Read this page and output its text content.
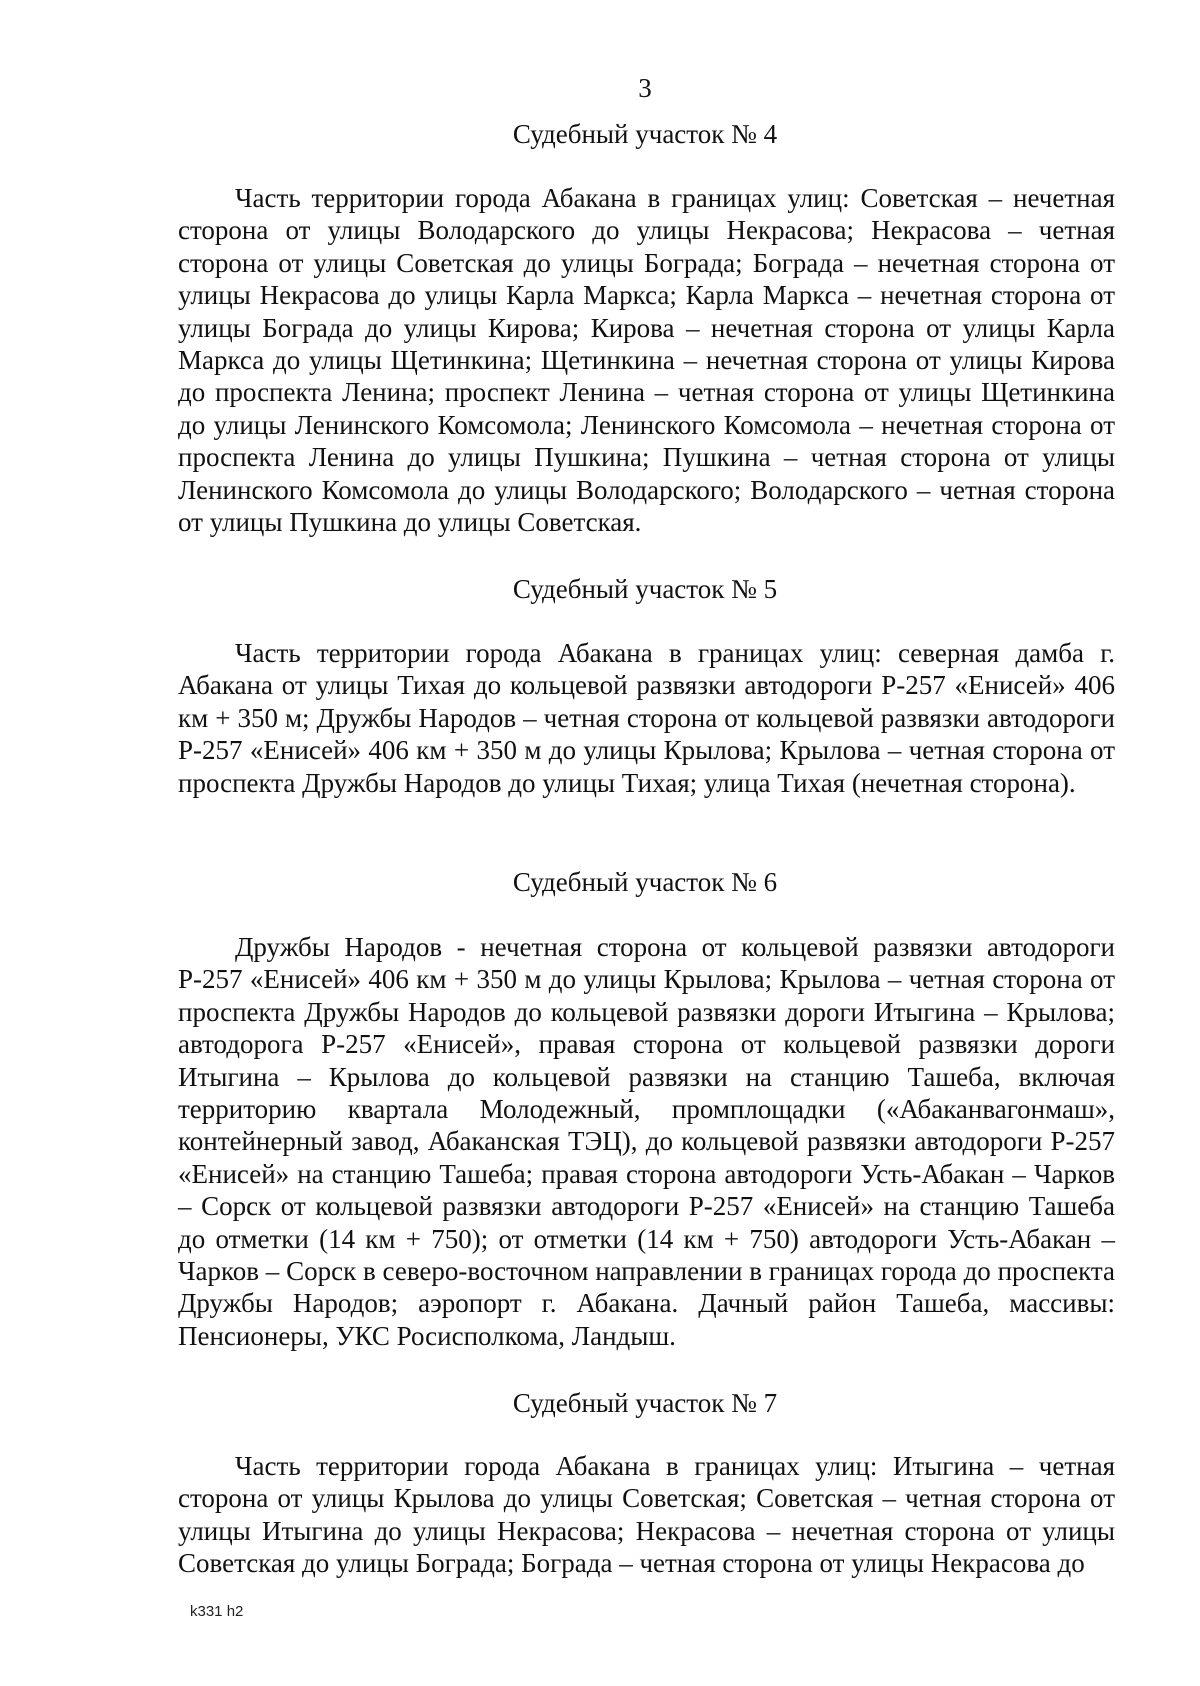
3
Судебный участок № 4

Часть территории города Абакана в границах улиц: Советская – нечетная сторона от улицы Володарского до улицы Некрасова; Некрасова – четная сторона от улицы Советская до улицы Бограда; Бограда – нечетная сторона от улицы Некрасова до улицы Карла Маркса; Карла Маркса – нечетная сторона от улицы Бограда до улицы Кирова; Кирова – нечетная сторона от улицы Карла Маркса до улицы Щетинкина; Щетинкина – нечетная сторона от улицы Кирова до проспекта Ленина; проспект Ленина – четная сторона от улицы Щетинкина до улицы Ленинского Комсомола; Ленинского Комсомола – нечетная сторона от проспекта Ленина до улицы Пушкина; Пушкина – четная сторона от улицы Ленинского Комсомола до улицы Володарского; Володарского – четная сторона от улицы Пушкина до улицы Советская.

Судебный участок № 5

Часть территории города Абакана в границах улиц: северная дамба г. Абакана от улицы Тихая до кольцевой развязки автодороги Р-257 «Енисей» 406 км + 350 м; Дружбы Народов – четная сторона от кольцевой развязки автодороги Р-257 «Енисей» 406 км + 350 м до улицы Крылова; Крылова – четная сторона от проспекта Дружбы Народов до улицы Тихая; улица Тихая (нечетная сторона).

Судебный участок № 6

Дружбы Народов - нечетная сторона от кольцевой развязки автодороги Р-257 «Енисей» 406 км + 350 м до улицы Крылова; Крылова – четная сторона от проспекта Дружбы Народов до кольцевой развязки дороги Итыгина – Крылова; автодорога Р-257 «Енисей», правая сторона от кольцевой развязки дороги Итыгина – Крылова до кольцевой развязки на станцию Ташеба, включая территорию квартала Молодежный, промплощадки («Абаканвагонмаш», контейнерный завод, Абаканская ТЭЦ), до кольцевой развязки автодороги Р-257 «Енисей» на станцию Ташеба; правая сторона автодороги Усть-Абакан – Чарков – Сорск от кольцевой развязки автодороги Р-257 «Енисей» на станцию Ташеба до отметки (14 км + 750); от отметки (14 км + 750) автодороги Усть-Абакан – Чарков – Сорск в северо-восточном направлении в границах города до проспекта Дружбы Народов; аэропорт г. Абакана. Дачный район Ташеба, массивы: Пенсионеры, УКС Росисполкома, Ландыш.

Судебный участок № 7

Часть территории города Абакана в границах улиц: Итыгина – четная сторона от улицы Крылова до улицы Советская; Советская – четная сторона от улицы Итыгина до улицы Некрасова; Некрасова – нечетная сторона от улицы Советская до улицы Бограда; Бограда – четная сторона от улицы Некрасова до

k331 h2
